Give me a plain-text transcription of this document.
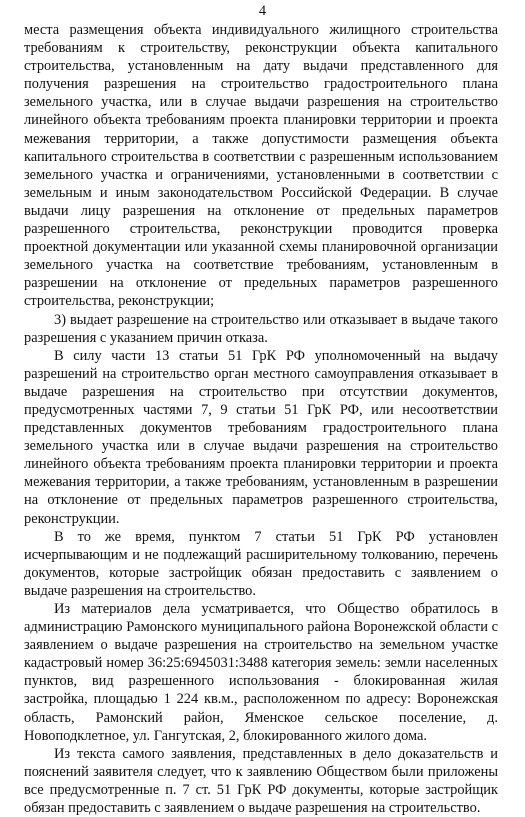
4

места размещения объекта индивидуального жилищного строительства требованиям к строительству, реконструкции объекта капитального строительства, установленным на дату выдачи представленного для получения разрешения на строительство градостроительного плана земельного участка, или в случае выдачи разрешения на строительство линейного объекта требованиям проекта планировки территории и проекта межевания территории, а также допустимости размещения объекта капитального строительства в соответствии с разрешенным использованием земельного участка и ограничениями, установленными в соответствии с земельным и иным законодательством Российской Федерации. В случае выдачи лицу разрешения на отклонение от предельных параметров разрешенного строительства, реконструкции проводится проверка проектной документации или указанной схемы планировочной организации земельного участка на соответствие требованиям, установленным в разрешении на отклонение от предельных параметров разрешенного строительства, реконструкции;

3) выдает разрешение на строительство или отказывает в выдаче такого разрешения с указанием причин отказа.

В силу части 13 статьи 51 ГрК РФ уполномоченный на выдачу разрешений на строительство орган местного самоуправления отказывает в выдаче разрешения на строительство при отсутствии документов, предусмотренных частями 7, 9 статьи 51 ГрК РФ, или несоответствии представленных документов требованиям градостроительного плана земельного участка или в случае выдачи разрешения на строительство линейного объекта требованиям проекта планировки территории и проекта межевания территории, а также требованиям, установленным в разрешении на отклонение от предельных параметров разрешенного строительства, реконструкции.

В то же время, пунктом 7 статьи 51 ГрК РФ установлен исчерпывающим и не подлежащий расширительному толкованию, перечень документов, которые застройщик обязан предоставить с заявлением о выдаче разрешения на строительство.

Из материалов дела усматривается, что Общество обратилось в администрацию Рамонского муниципального района Воронежской области с заявлением о выдаче разрешения на строительство на земельном участке кадастровый номер 36:25:6945031:3488 категория земель: земли населенных пунктов, вид разрешенного использования - блокированная жилая застройка, площадью 1 224 кв.м., расположенном по адресу: Воронежская область, Рамонский район, Яменское сельское поселение, д. Новоподклетное, ул. Гангутская, 2, блокированного жилого дома.

Из текста самого заявления, представленных в дело доказательств и пояснений заявителя следует, что к заявлению Обществом были приложены все предусмотренные п. 7 ст. 51 ГрК РФ документы, которые застройщик обязан предоставить с заявлением о выдаче разрешения на строительство.
